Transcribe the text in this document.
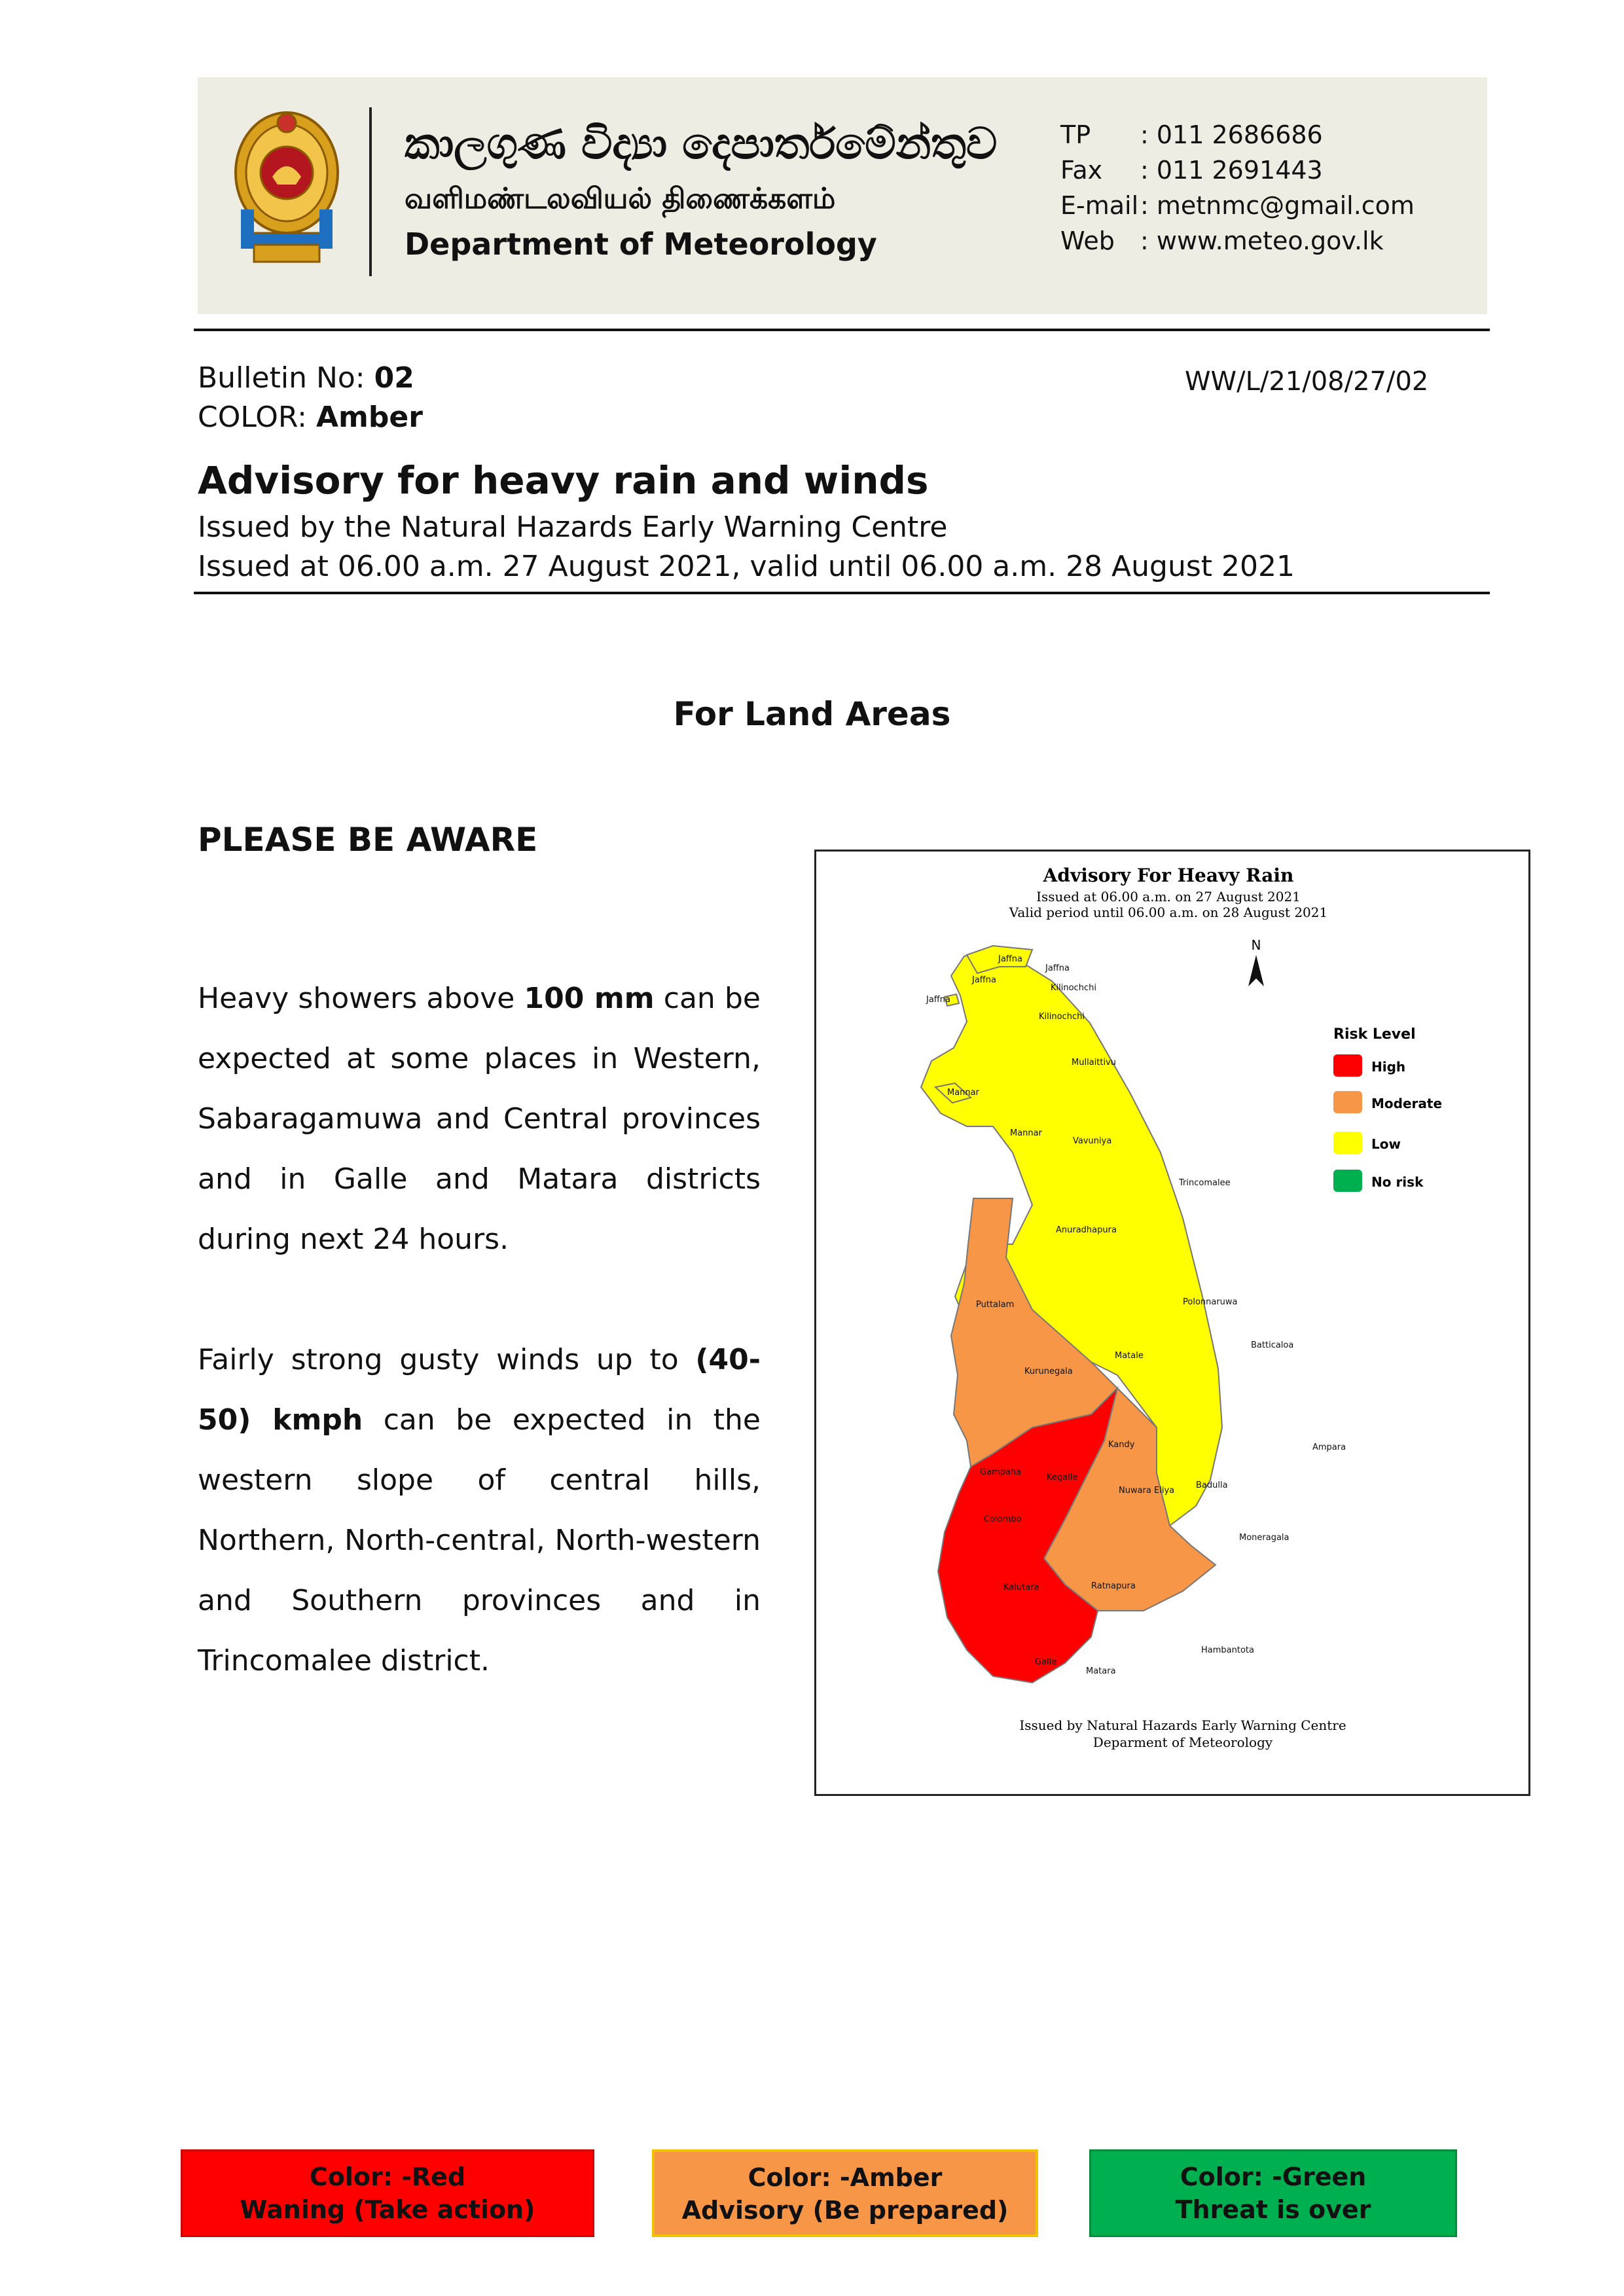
කාලගුණ විද්‍යා දෙපාර්තමේන්තුව
வளிமண்டலவியல் திணைக்களம்
Department of Meteorology
TP : 011 2686686
Fax : 011 2691443
E-mail : metnmc@gmail.com
Web : www.meteo.gov.lk
Bulletin No: 02
COLOR: Amber
WW/L/21/08/27/02
Advisory for heavy rain and winds
Issued by the Natural Hazards Early Warning Centre
Issued at 06.00 a.m. 27 August 2021, valid until 06.00 a.m. 28 August 2021
For Land Areas
PLEASE BE AWARE
Heavy showers above 100 mm can be expected at some places in Western, Sabaragamuwa and Central provinces and in Galle and Matara districts during next 24 hours.
Fairly strong gusty winds up to (40-50) kmph can be expected in the western slope of central hills, Northern, North-central, North-western and Southern provinces and in Trincomalee district.
Advisory For Heavy Rain
Issued at 06.00 a.m. on 27 August 2021
Valid period until 06.00 a.m. on 28 August 2021
N
Jaffna
Jaffna
Jaffna
Jaffna
Kilinochchi
Kilinochchi
Mullaittivu
Mannar
Mannar
Vavuniya
Trincomalee
Anuradhapura
Puttalam	Polonnaruwa
Batticaloa
Kurunegala
Matale
Kandy
Gampaha
Kegalle
Nuwara Eliya
Badulla
Ampara
Colombo
Moneragala
Kalutara	Ratnapura
Hambantota
Galle
Matara
Risk Level
High
Moderate
Low
No risk
Issued by Natural Hazards Early Warning Centre
Deparment of Meteorology
Color: -Red
Waning (Take action)
Color: -Amber
Advisory (Be prepared)
Color: -Green
Threat is over
